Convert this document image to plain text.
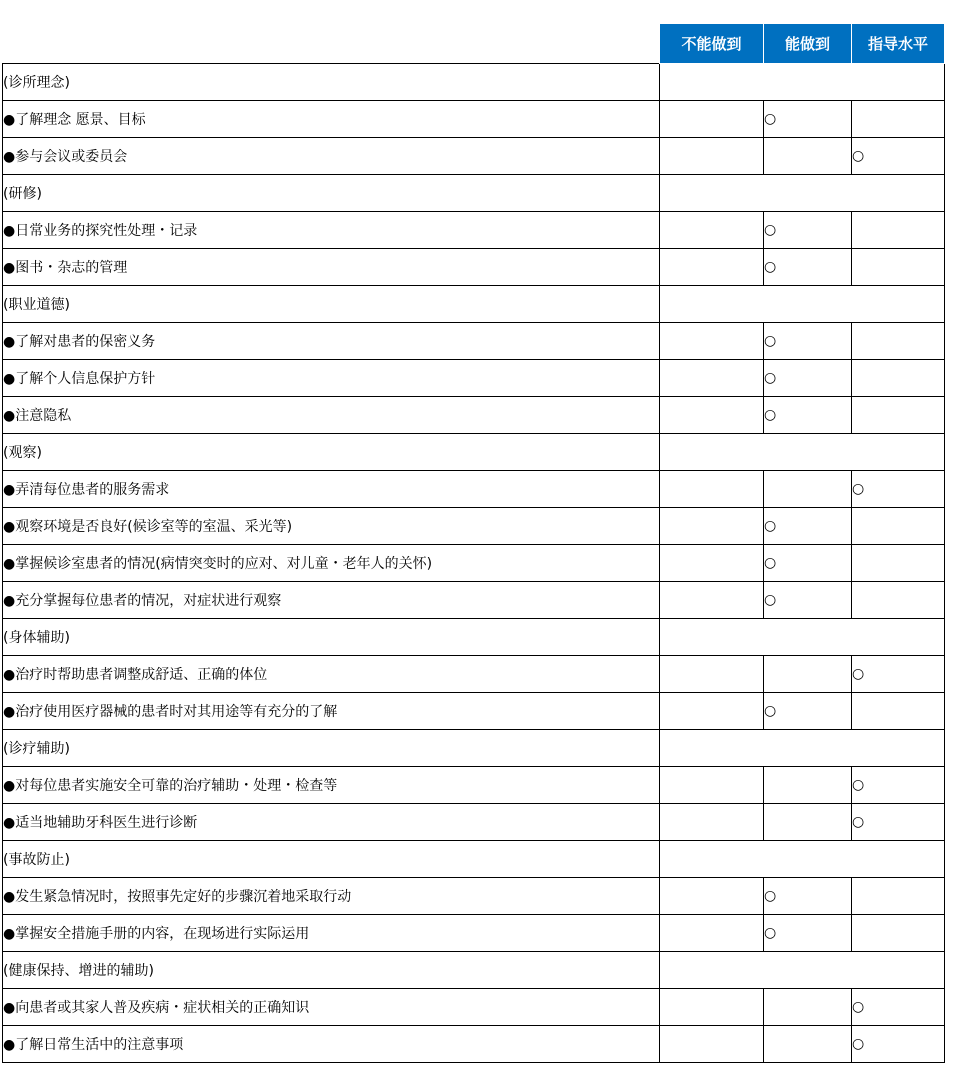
	不能做到	能做到	指导水平
(诊所理念)			
●了解理念 愿景、目标		○	
●参与会议或委员会			○
(研修)			
●日常业务的探究性处理・记录		○	
●图书・杂志的管理		○	
(职业道德)			
●了解对患者的保密义务		○	
●了解个人信息保护方针		○	
●注意隐私		○	
(观察)			
●弄清每位患者的服务需求			○
●观察环境是否良好(候诊室等的室温、采光等)		○	
●掌握候诊室患者的情况(病情突变时的应对、对儿童・老年人的关怀)		○	
●充分掌握每位患者的情况，对症状进行观察		○	
(身体辅助)			
●治疗时帮助患者调整成舒适、正确的体位			○
●治疗使用医疗器械的患者时对其用途等有充分的了解		○	
(诊疗辅助)			
●对每位患者实施安全可靠的治疗辅助・处理・检查等			○
●适当地辅助牙科医生进行诊断			○
(事故防止)			
●发生紧急情况时，按照事先定好的步骤沉着地采取行动		○	
●掌握安全措施手册的内容，在现场进行实际运用		○	
(健康保持、增进的辅助)			
●向患者或其家人普及疾病・症状相关的正确知识			○
●了解日常生活中的注意事项			○
